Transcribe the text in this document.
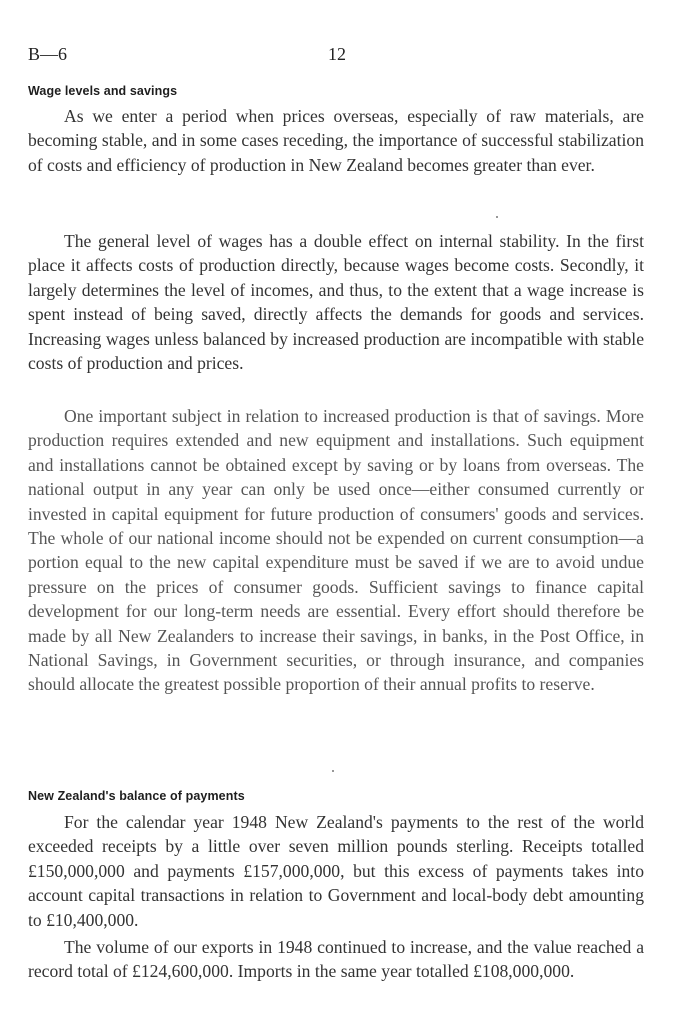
B—6	12
Wage levels and savings

As we enter a period when prices overseas, especially of raw materials, are becoming stable, and in some cases receding, the importance of successful stabilization of costs and efficiency of production in New Zealand becomes greater than ever.

The general level of wages has a double effect on internal stability. In the first place it affects costs of production directly, because wages become costs. Secondly, it largely determines the level of incomes, and thus, to the extent that a wage increase is spent instead of being saved, directly affects the demands for goods and services. Increasing wages unless balanced by increased production are incompatible with stable costs of production and prices.

One important subject in relation to increased production is that of savings. More production requires extended and new equipment and installations. Such equipment and installations cannot be obtained except by saving or by loans from overseas. The national output in any year can only be used once—either consumed currently or invested in capital equipment for future production of consumers' goods and services. The whole of our national income should not be expended on current consumption—a portion equal to the new capital expenditure must be saved if we are to avoid undue pressure on the prices of consumer goods. Sufficient savings to finance capital development for our long-term needs are essential. Every effort should therefore be made by all New Zealanders to increase their savings, in banks, in the Post Office, in National Savings, in Government securities, or through insurance, and companies should allocate the greatest possible proportion of their annual profits to reserve.

New Zealand's balance of payments

For the calendar year 1948 New Zealand's payments to the rest of the world exceeded receipts by a little over seven million pounds sterling. Receipts totalled £150,000,000 and payments £157,000,000, but this excess of payments takes into account capital transactions in relation to Government and local-body debt amounting to £10,400,000.

The volume of our exports in 1948 continued to increase, and the value reached a record total of £124,600,000. Imports in the same year totalled £108,000,000.
